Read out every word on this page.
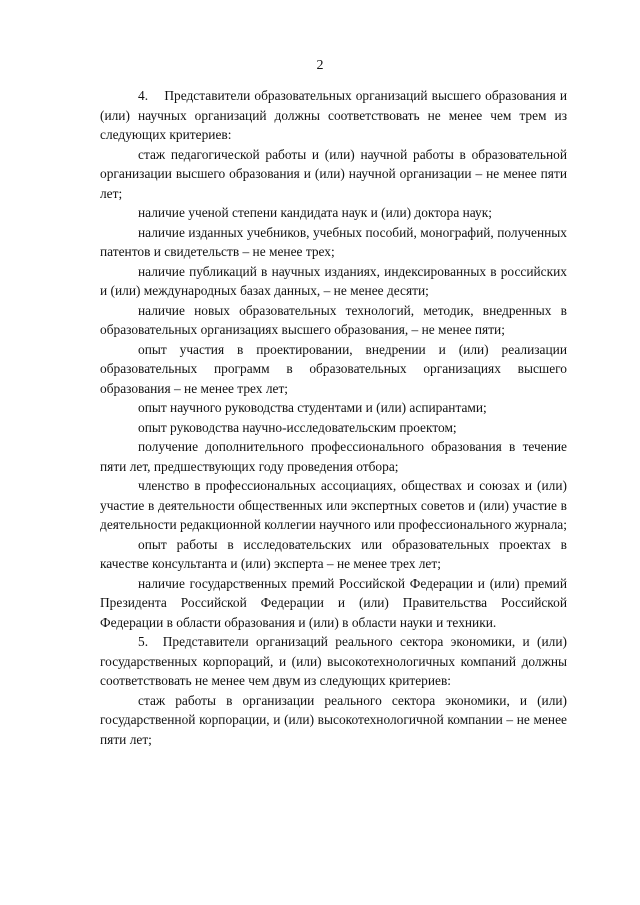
2

4.    Представители образовательных организаций высшего образования и (или) научных организаций должны соответствовать не менее чем трем из следующих критериев:

стаж педагогической работы и (или) научной работы в образовательной организации высшего образования и (или) научной организации – не менее пяти лет;

наличие ученой степени кандидата наук и (или) доктора наук;

наличие изданных учебников, учебных пособий, монографий, полученных патентов и свидетельств – не менее трех;

наличие публикаций в научных изданиях, индексированных в российских и (или) международных базах данных, – не менее десяти;

наличие новых образовательных технологий, методик, внедренных в образовательных организациях высшего образования, – не менее пяти;

опыт участия в проектировании, внедрении и (или) реализации образовательных программ в образовательных организациях высшего образования – не менее трех лет;

опыт научного руководства студентами и (или) аспирантами;

опыт руководства научно-исследовательским проектом;

получение дополнительного профессионального образования в течение пяти лет, предшествующих году проведения отбора;

членство в профессиональных ассоциациях, обществах и союзах и (или) участие в деятельности общественных или экспертных советов и (или) участие в деятельности редакционной коллегии научного или профессионального журнала;

опыт работы в исследовательских или образовательных проектах в качестве консультанта и (или) эксперта – не менее трех лет;

наличие государственных премий Российской Федерации и (или) премий Президента Российской Федерации и (или) Правительства Российской Федерации в области образования и (или) в области науки и техники.

5.  Представители организаций реального сектора экономики, и (или) государственных корпораций, и (или) высокотехнологичных компаний должны соответствовать не менее чем двум из следующих критериев:

стаж работы в организации реального сектора экономики, и (или) государственной корпорации, и (или) высокотехнологичной компании – не менее пяти лет;
